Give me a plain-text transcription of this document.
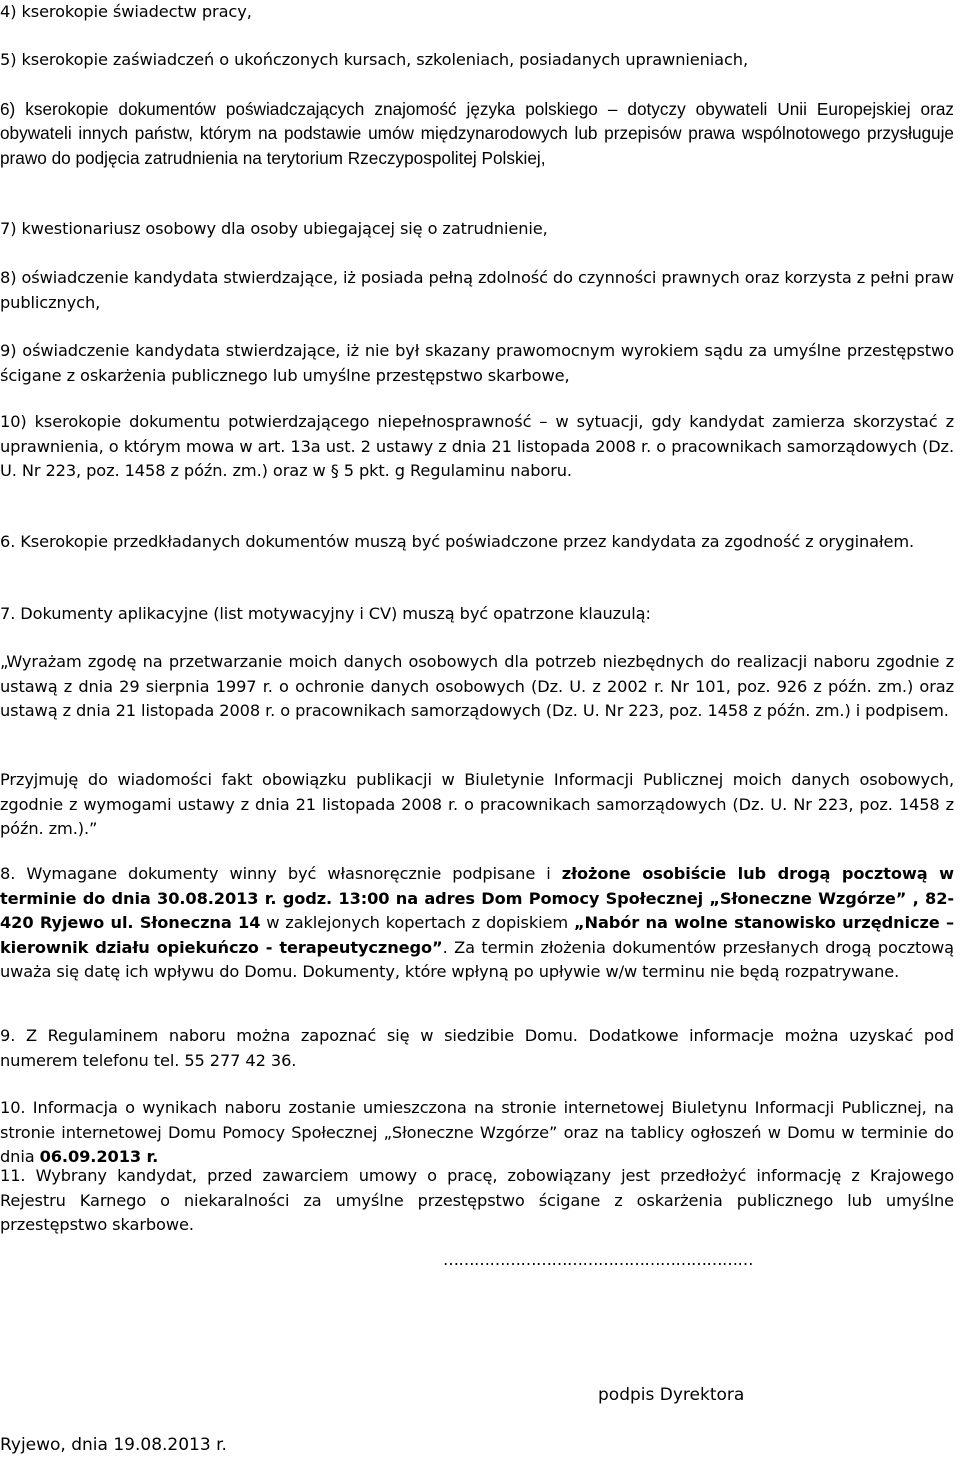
4) kserokopie świadectw pracy,

5) kserokopie zaświadczeń o ukończonych kursach, szkoleniach, posiadanych uprawnieniach,

6) kserokopie dokumentów poświadczających znajomość języka polskiego – dotyczy obywateli Unii Europejskiej oraz obywateli innych państw, którym na podstawie umów międzynarodowych lub przepisów prawa wspólnotowego przysługuje prawo do podjęcia zatrudnienia na terytorium Rzeczypospolitej Polskiej,

7) kwestionariusz osobowy dla osoby ubiegającej się o zatrudnienie,

8) oświadczenie kandydata stwierdzające, iż posiada pełną zdolność do czynności prawnych oraz korzysta z pełni praw publicznych,

9) oświadczenie kandydata stwierdzające, iż nie był skazany prawomocnym wyrokiem sądu za umyślne przestępstwo ścigane z oskarżenia publicznego lub umyślne przestępstwo skarbowe,

10) kserokopie dokumentu potwierdzającego niepełnosprawność – w sytuacji, gdy kandydat zamierza skorzystać z uprawnienia, o którym mowa w art. 13a ust. 2 ustawy z dnia 21 listopada 2008 r. o pracownikach samorządowych (Dz. U. Nr 223, poz. 1458 z późn. zm.) oraz w § 5 pkt. g Regulaminu naboru.

6. Kserokopie przedkładanych dokumentów muszą być poświadczone przez kandydata za zgodność z oryginałem.

7. Dokumenty aplikacyjne (list motywacyjny i CV) muszą być opatrzone klauzulą:

„Wyrażam zgodę na przetwarzanie moich danych osobowych dla potrzeb niezbędnych do realizacji naboru zgodnie z ustawą z dnia 29 sierpnia 1997 r. o ochronie danych osobowych (Dz. U. z 2002 r. Nr 101, poz. 926 z późn. zm.) oraz ustawą z dnia 21 listopada 2008 r. o pracownikach samorządowych (Dz. U. Nr 223, poz. 1458 z późn. zm.) i podpisem.

Przyjmuję do wiadomości fakt obowiązku publikacji w Biuletynie Informacji Publicznej moich danych osobowych, zgodnie z wymogami ustawy z dnia 21 listopada 2008 r. o pracownikach samorządowych (Dz. U. Nr 223, poz. 1458 z późn. zm.).”

8. Wymagane dokumenty winny być własnoręcznie podpisane i złożone osobiście lub drogą pocztową w terminie do dnia 30.08.2013 r. godz. 13:00 na adres Dom Pomocy Społecznej „Słoneczne Wzgórze” , 82-420 Ryjewo ul. Słoneczna 14 w zaklejonych kopertach z dopiskiem „Nabór na wolne stanowisko urzędnicze – kierownik działu opiekuńczo - terapeutycznego”. Za termin złożenia dokumentów przesłanych drogą pocztową uważa się datę ich wpływu do Domu. Dokumenty, które wpłyną po upływie w/w terminu nie będą rozpatrywane.

9. Z Regulaminem naboru można zapoznać się w siedzibie Domu. Dodatkowe informacje można uzyskać pod numerem telefonu tel. 55 277 42 36.

10. Informacja o wynikach naboru zostanie umieszczona na stronie internetowej Biuletynu Informacji Publicznej, na stronie internetowej Domu Pomocy Społecznej „Słoneczne Wzgórze” oraz na tablicy ogłoszeń w Domu w terminie do dnia 06.09.2013 r.

11. Wybrany kandydat, przed zawarciem umowy o pracę, zobowiązany jest przedłożyć informację z Krajowego Rejestru Karnego o niekaralności za umyślne przestępstwo ścigane z oskarżenia publicznego lub umyślne przestępstwo skarbowe.

……………………………………………………
podpis Dyrektora
Ryjewo, dnia 19.08.2013 r.
